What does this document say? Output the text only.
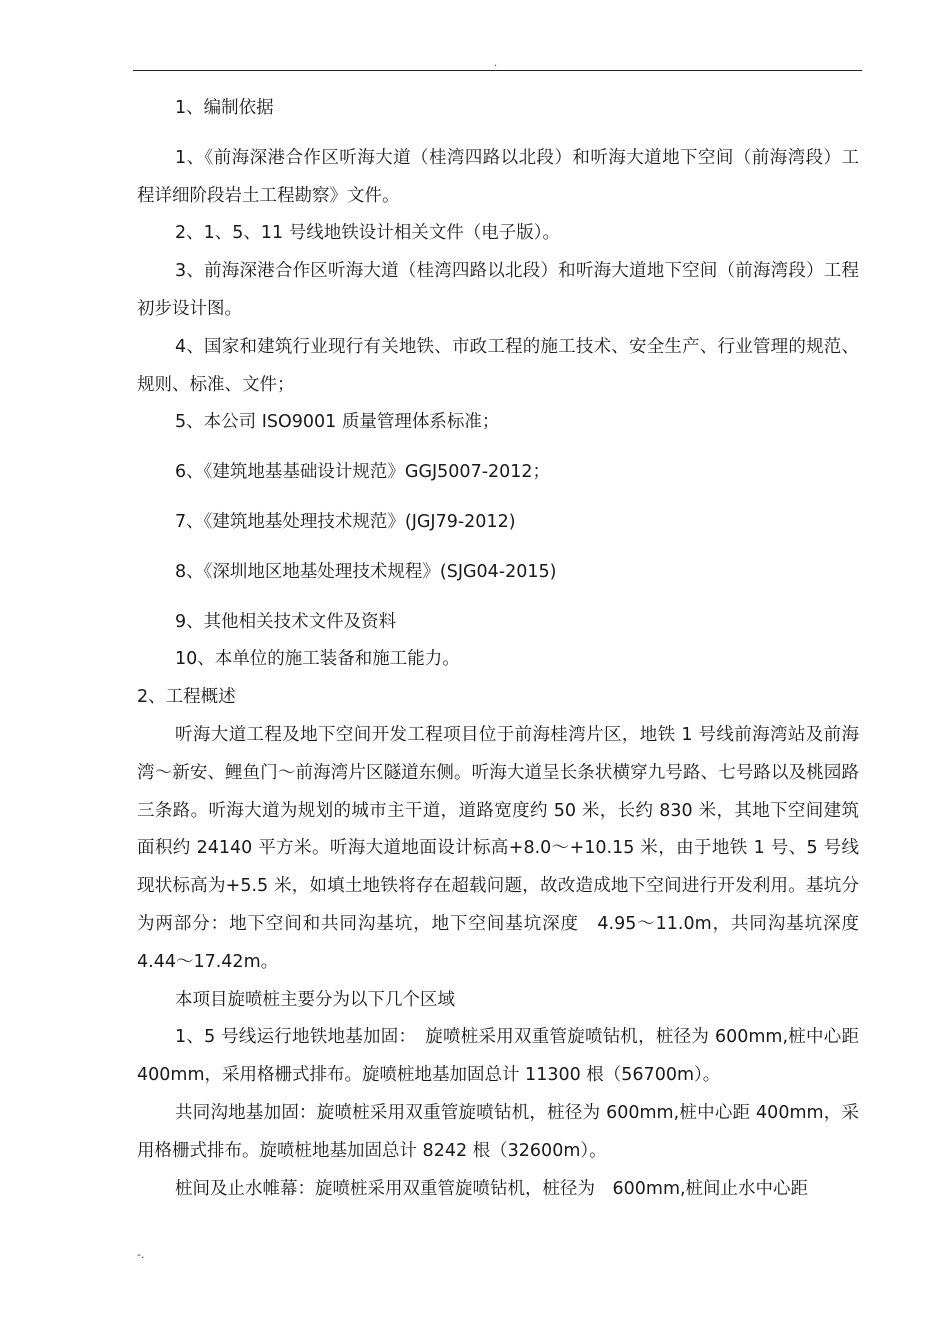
.

1、编制依据

1、《前海深港合作区听海大道（桂湾四路以北段）和听海大道地下空间（前海湾段）工程详细阶段岩土工程勘察》文件。

2、1、5、11 号线地铁设计相关文件（电子版）。

3、前海深港合作区听海大道（桂湾四路以北段）和听海大道地下空间（前海湾段）工程初步设计图。

4、国家和建筑行业现行有关地铁、市政工程的施工技术、安全生产、行业管理的规范、规则、标准、文件；

5、本公司 ISO9001 质量管理体系标准；

6、《建筑地基基础设计规范》GGJ5007-2012；

7、《建筑地基处理技术规范》(JGJ79-2012)

8、《深圳地区地基处理技术规程》(SJG04-2015)

9、其他相关技术文件及资料

10、本单位的施工装备和施工能力。

2、工程概述

听海大道工程及地下空间开发工程项目位于前海桂湾片区，地铁 1 号线前海湾站及前海湾～新安、鲤鱼门～前海湾片区隧道东侧。听海大道呈长条状横穿九号路、七号路以及桃园路三条路。听海大道为规划的城市主干道，道路宽度约 50 米，长约 830 米，其地下空间建筑面积约 24140 平方米。听海大道地面设计标高+8.0～+10.15 米，由于地铁 1 号、5 号线现状标高为+5.5 米，如填土地铁将存在超载问题，故改造成地下空间进行开发利用。基坑分为两部分：地下空间和共同沟基坑，地下空间基坑深度　4.95～11.0m，共同沟基坑深度 4.44～17.42m。

本项目旋喷桩主要分为以下几个区域

1、5 号线运行地铁地基加固：　旋喷桩采用双重管旋喷钻机，桩径为 600mm,桩中心距 400mm，采用格栅式排布。旋喷桩地基加固总计 11300 根（56700m）。

共同沟地基加固：旋喷桩采用双重管旋喷钻机，桩径为 600mm,桩中心距 400mm，采用格栅式排布。旋喷桩地基加固总计 8242 根（32600m）。

桩间及止水帷幕：旋喷桩采用双重管旋喷钻机，桩径为　600mm,桩间止水中心距

-.
